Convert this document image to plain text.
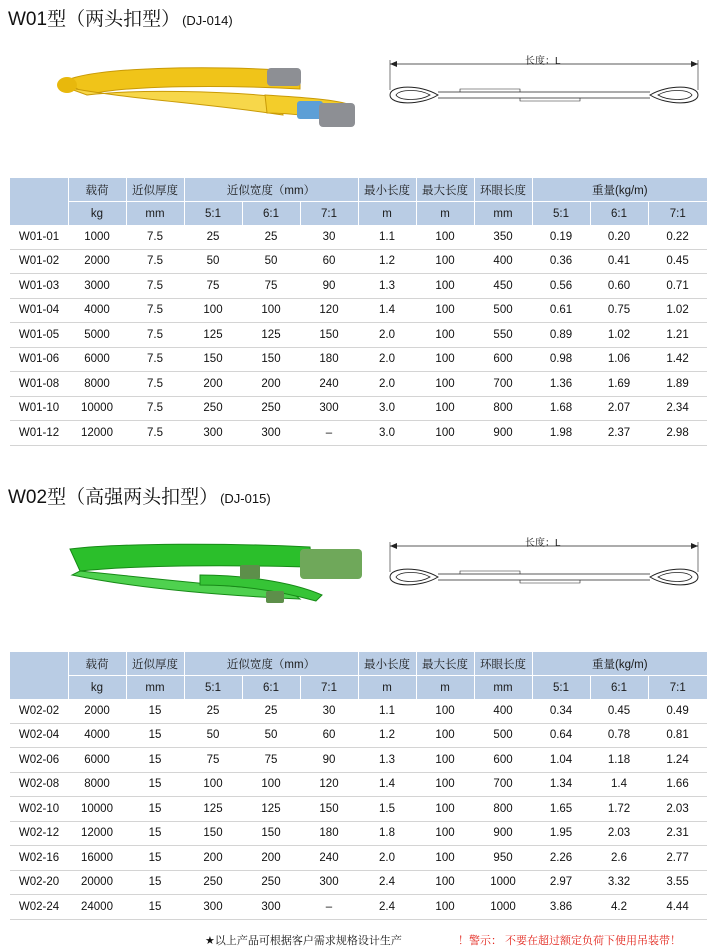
W01型（两头扣型） (DJ-014)
长度：L
	载荷	近似厚度	近似宽度（mm）			最小长度	最大长度	环眼长度	重量(kg/m)		
	kg	mm	5:1	6:1	7:1	m	m	mm	5:1	6:1	7:1
W01-01	1000	7.5	25	25	30	1.1	100	350	0.19	0.20	0.22
W01-02	2000	7.5	50	50	60	1.2	100	400	0.36	0.41	0.45
W01-03	3000	7.5	75	75	90	1.3	100	450	0.56	0.60	0.71
W01-04	4000	7.5	100	100	120	1.4	100	500	0.61	0.75	1.02
W01-05	5000	7.5	125	125	150	2.0	100	550	0.89	1.02	1.21
W01-06	6000	7.5	150	150	180	2.0	100	600	0.98	1.06	1.42
W01-08	8000	7.5	200	200	240	2.0	100	700	1.36	1.69	1.89
W01-10	10000	7.5	250	250	300	3.0	100	800	1.68	2.07	2.34
W01-12	12000	7.5	300	300	–	3.0	100	900	1.98	2.37	2.98
W02型（高强两头扣型） (DJ-015)
长度：L
	载荷	近似厚度	近似宽度（mm）			最小长度	最大长度	环眼长度	重量(kg/m)		
	kg	mm	5:1	6:1	7:1	m	m	mm	5:1	6:1	7:1
W02-02	2000	15	25	25	30	1.1	100	400	0.34	0.45	0.49
W02-04	4000	15	50	50	60	1.2	100	500	0.64	0.78	0.81
W02-06	6000	15	75	75	90	1.3	100	600	1.04	1.18	1.24
W02-08	8000	15	100	100	120	1.4	100	700	1.34	1.4	1.66
W02-10	10000	15	125	125	150	1.5	100	800	1.65	1.72	2.03
W02-12	12000	15	150	150	180	1.8	100	900	1.95	2.03	2.31
W02-16	16000	15	200	200	240	2.0	100	950	2.26	2.6	2.77
W02-20	20000	15	250	250	300	2.4	100	1000	2.97	3.32	3.55
W02-24	24000	15	300	300	–	2.4	100	1000	3.86	4.2	4.44
★以上产品可根据客户需求规格设计生产	！警示： 不要在超过额定负荷下使用吊装带！
